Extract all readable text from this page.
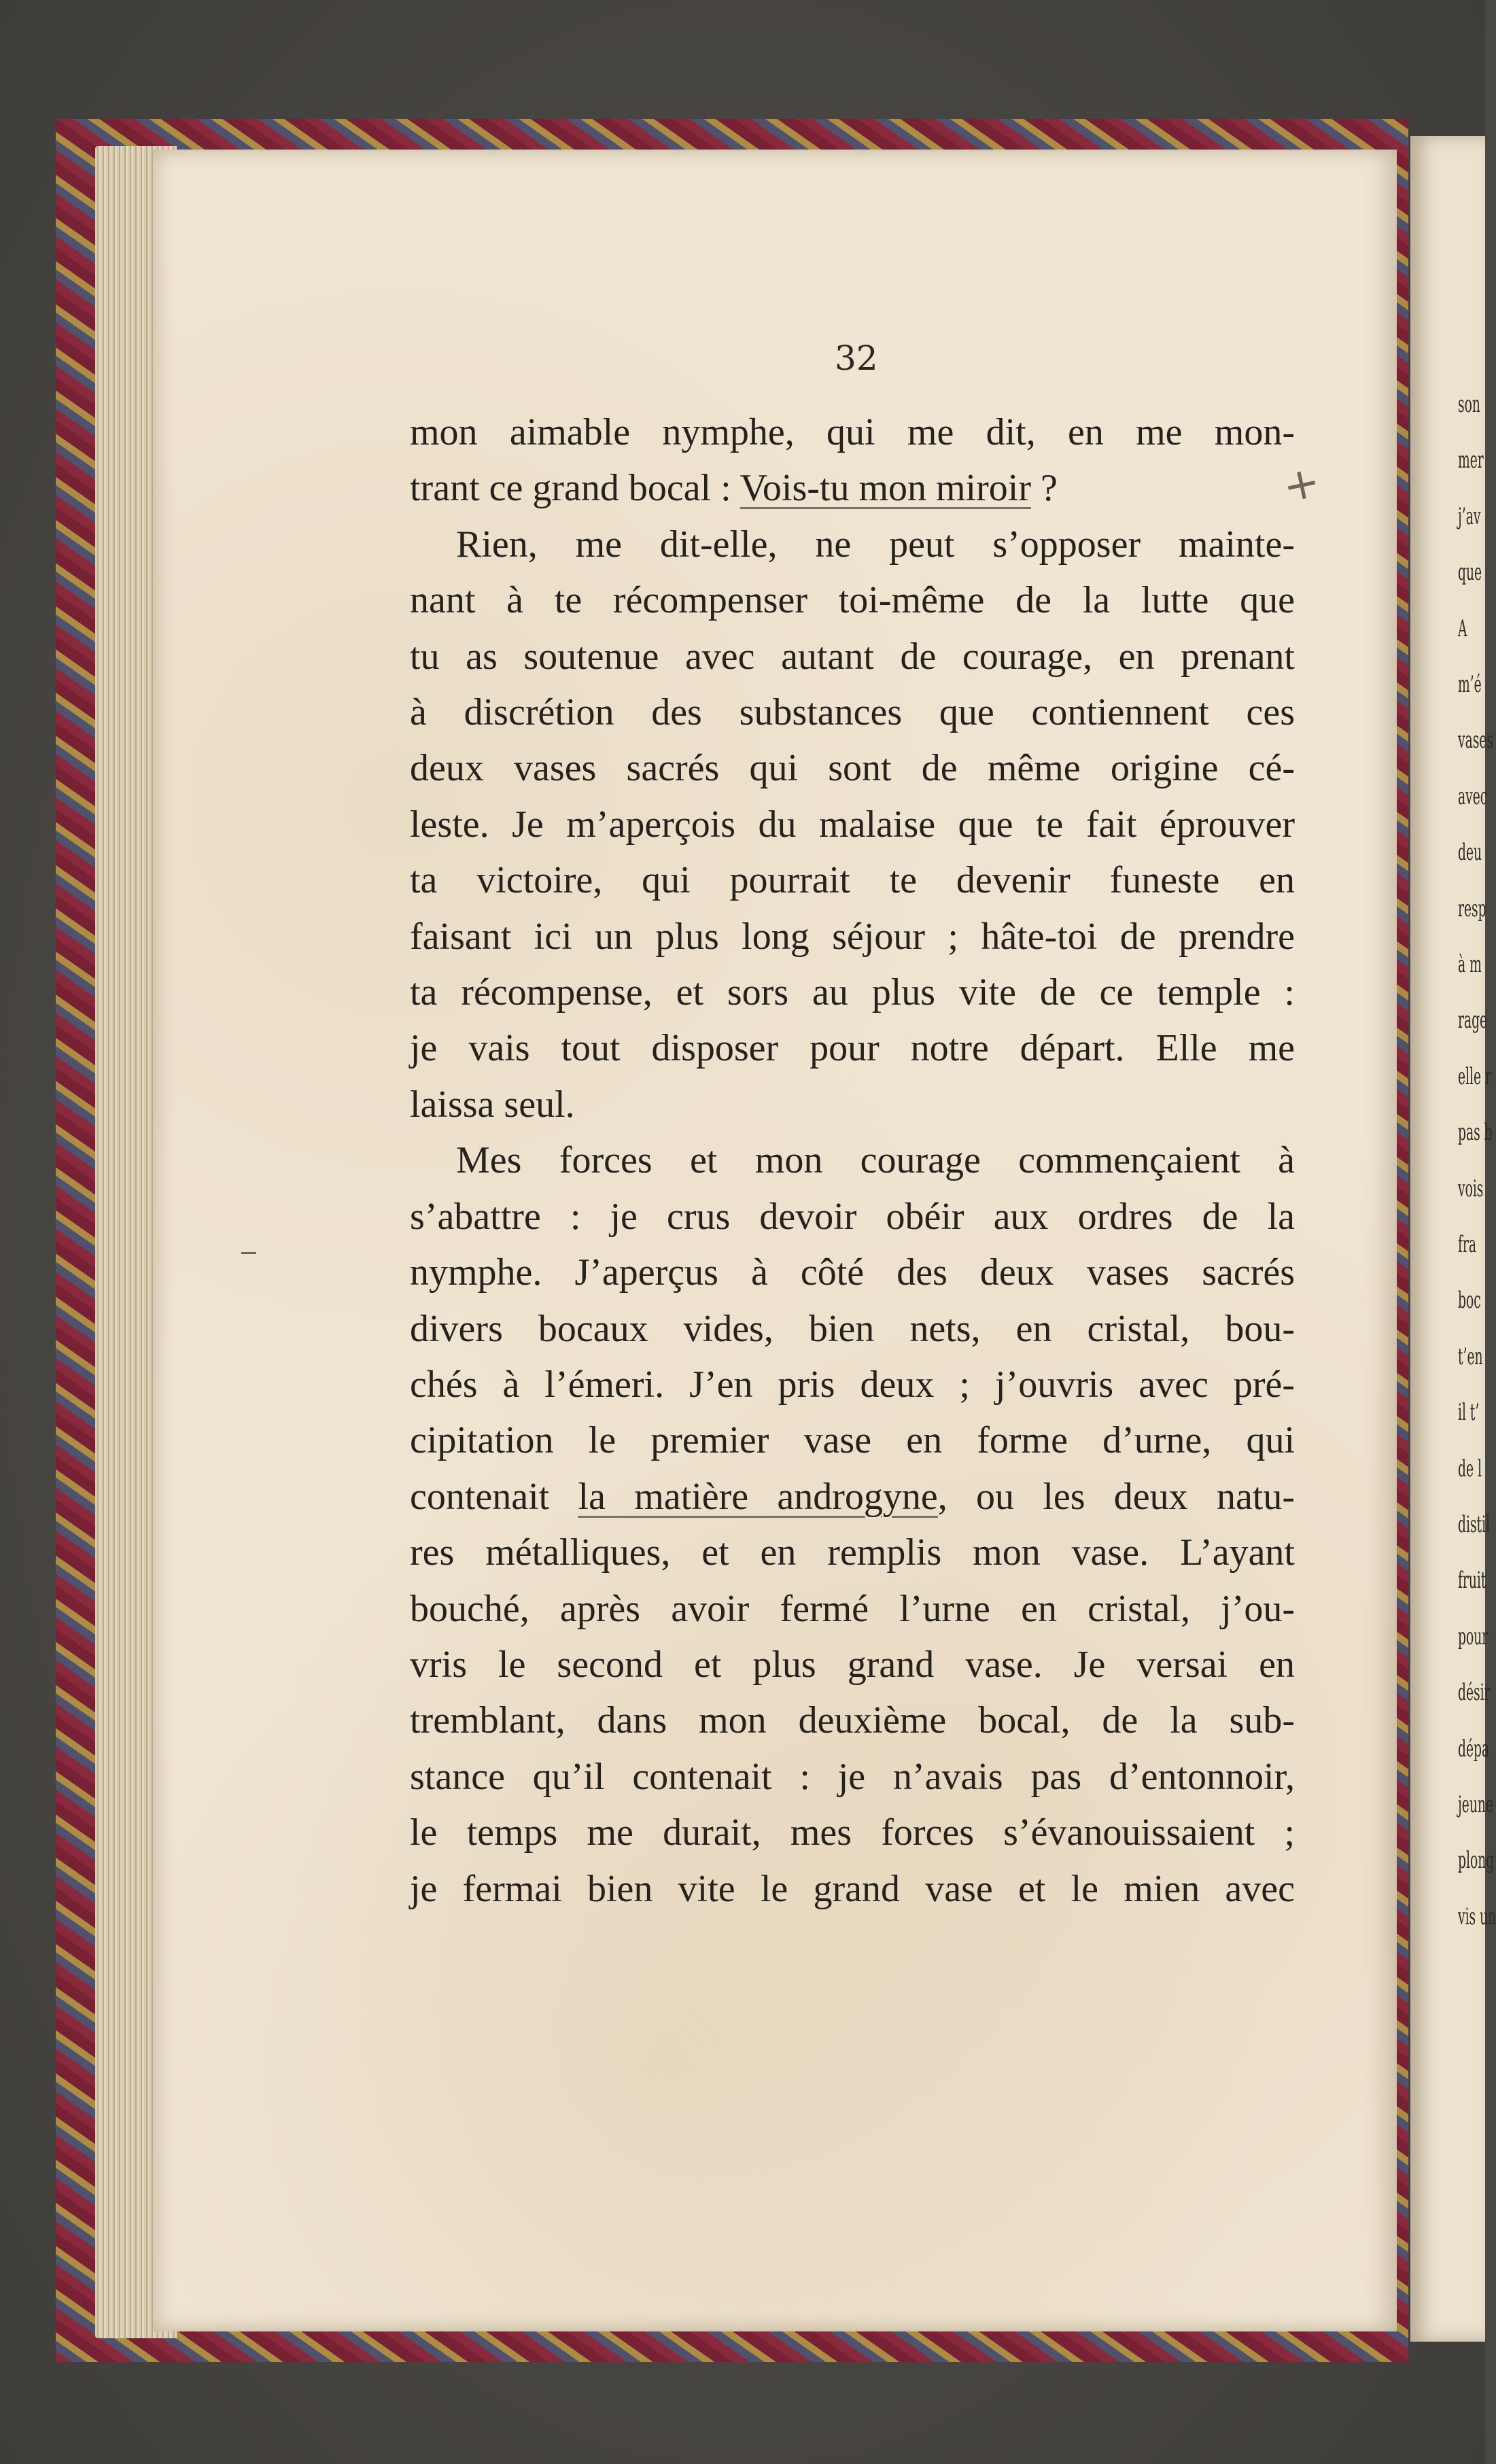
son
mer
j’av
que
A
m’é
vases
avec
deu
resp
à m
rage
elle r
pas b
vois
fra
boc
t’en
il t’
de l
distil
fruit
pour
désir
dépa
jeune
plong
vis un
32
+

mon aimable nymphe, qui me dit, en me mon-
trant ce grand bocal : Vois-tu mon miroir ?

Rien, me dit-elle, ne peut s’opposer mainte-
nant à te récompenser toi-même de la lutte que
tu as soutenue avec autant de courage, en prenant
à discrétion des substances que contiennent ces
deux vases sacrés qui sont de même origine cé-
leste. Je m’aperçois du malaise que te fait éprouver
ta victoire, qui pourrait te devenir funeste en
faisant ici un plus long séjour ; hâte-toi de prendre
ta récompense, et sors au plus vite de ce temple :
je vais tout disposer pour notre départ. Elle me
laissa seul.

Mes forces et mon courage commençaient à
s’abattre : je crus devoir obéir aux ordres de la
nymphe. J’aperçus à côté des deux vases sacrés
divers bocaux vides, bien nets, en cristal, bou-
chés à l’émeri. J’en pris deux ; j’ouvris avec pré-
cipitation le premier vase en forme d’urne, qui
contenait la matière androgyne, ou les deux natu-
res métalliques, et en remplis mon vase. L’ayant
bouché, après avoir fermé l’urne en cristal, j’ou-
vris le second et plus grand vase. Je versai en
tremblant, dans mon deuxième bocal, de la sub-
stance qu’il contenait : je n’avais pas d’entonnoir,
le temps me durait, mes forces s’évanouissaient ;
je fermai bien vite le grand vase et le mien avec
